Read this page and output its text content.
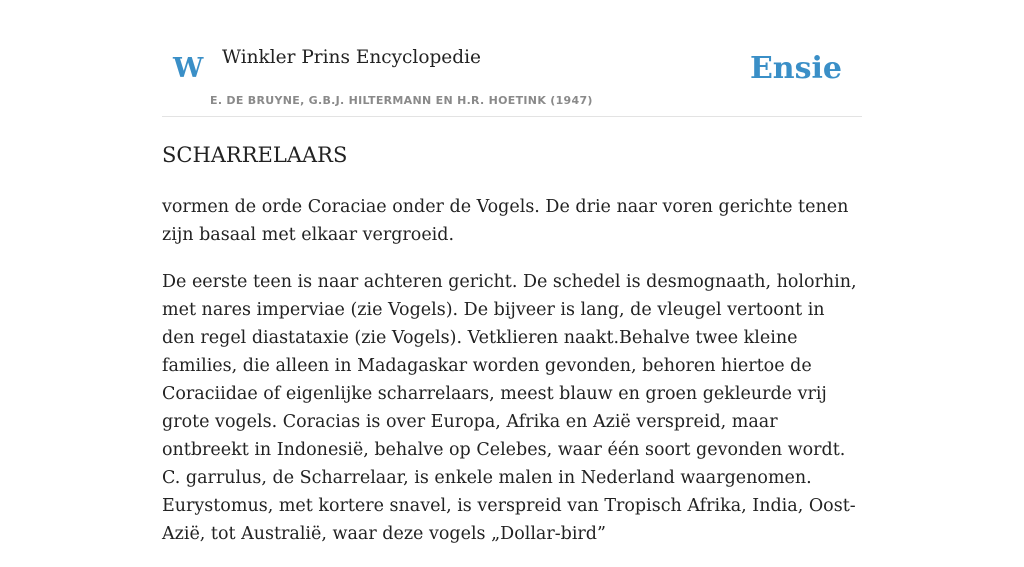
W Winkler Prins Encyclopedie
E. DE BRUYNE, G.B.J. HILTERMANN EN H.R. HOETINK (1947)
Ensie
SCHARRELAARS

vormen de orde Coraciae onder de Vogels. De drie naar voren gerichte tenen zijn basaal met elkaar vergroeid.

De eerste teen is naar achteren gericht. De schedel is desmognaath, holorhin, met nares imperviae (zie Vogels). De bijveer is lang, de vleugel vertoont in den regel diastataxie (zie Vogels). Vetklieren naakt.Behalve twee kleine families, die alleen in Madagaskar worden gevonden, behoren hiertoe de Coraciidae of eigenlijke scharrelaars, meest blauw en groen gekleurde vrij grote vogels. Coracias is over Europa, Afrika en Azië verspreid, maar ontbreekt in Indonesië, behalve op Celebes, waar één soort gevonden wordt. C. garrulus, de Scharrelaar, is enkele malen in Nederland waargenomen. Eurystomus, met kortere snavel, is verspreid van Tropisch Afrika, India, Oost-Azië, tot Australië, waar deze vogels „Dollar-bird”
